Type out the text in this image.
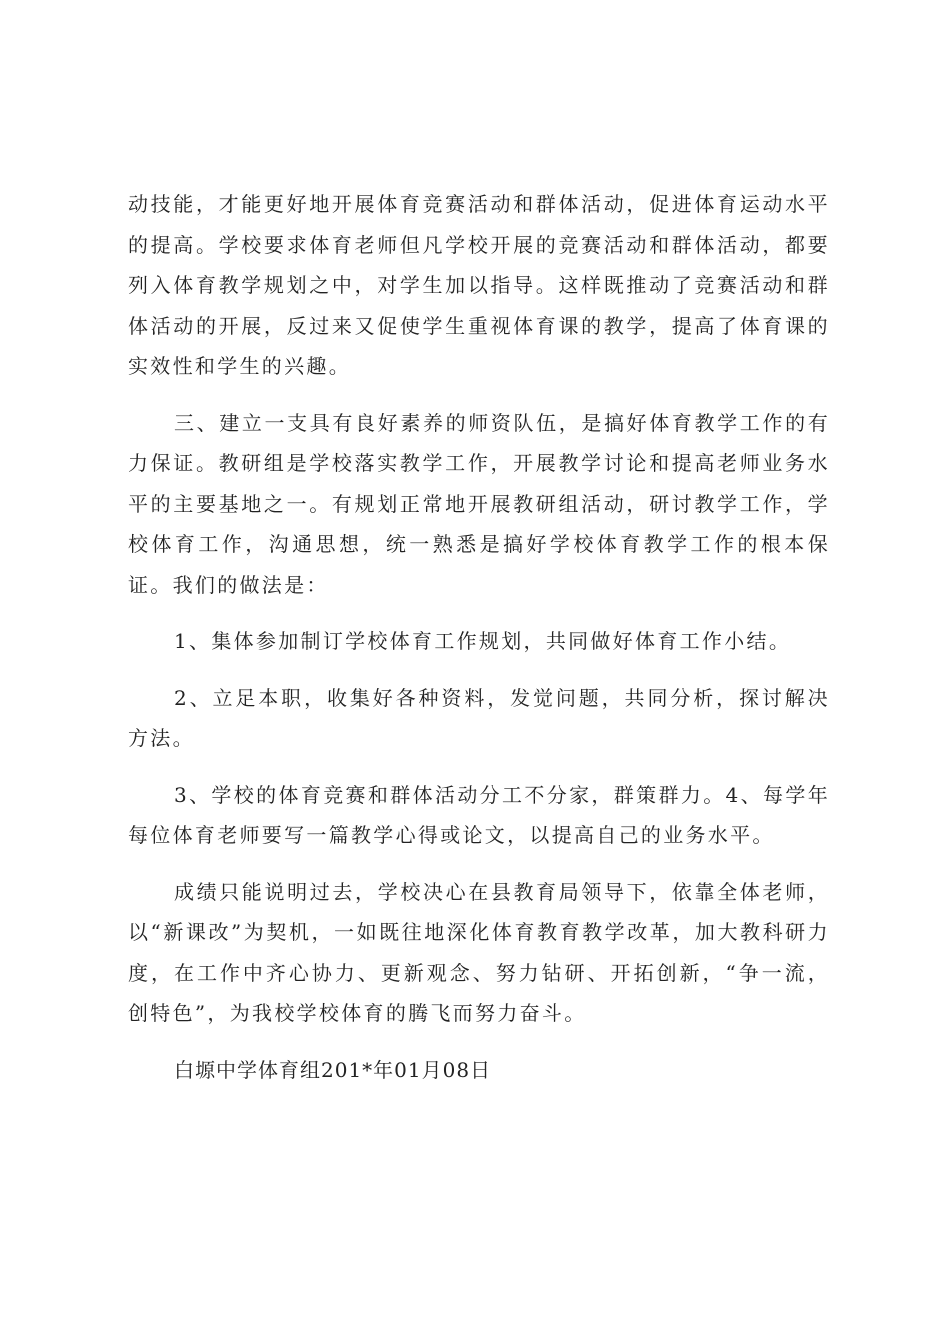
动技能，才能更好地开展体育竞赛活动和群体活动，促进体育运动水平的提高。学校要求体育老师但凡学校开展的竞赛活动和群体活动，都要列入体育教学规划之中，对学生加以指导。这样既推动了竞赛活动和群体活动的开展，反过来又促使学生重视体育课的教学，提高了体育课的实效性和学生的兴趣。

三、建立一支具有良好素养的师资队伍，是搞好体育教学工作的有力保证。教研组是学校落实教学工作，开展教学讨论和提高老师业务水平的主要基地之一。有规划正常地开展教研组活动，研讨教学工作，学校体育工作，沟通思想，统一熟悉是搞好学校体育教学工作的根本保证。我们的做法是：

1、集体参加制订学校体育工作规划，共同做好体育工作小结。

2、立足本职，收集好各种资料，发觉问题，共同分析，探讨解决方法。

3、学校的体育竞赛和群体活动分工不分家，群策群力。4、每学年每位体育老师要写一篇教学心得或论文，以提高自己的业务水平。

成绩只能说明过去，学校决心在县教育局领导下，依靠全体老师，以“新课改”为契机，一如既往地深化体育教育教学改革，加大教科研力度，在工作中齐心协力、更新观念、努力钻研、开拓创新，“争一流，创特色”，为我校学校体育的腾飞而努力奋斗。

白塬中学体育组201*年01月08日
